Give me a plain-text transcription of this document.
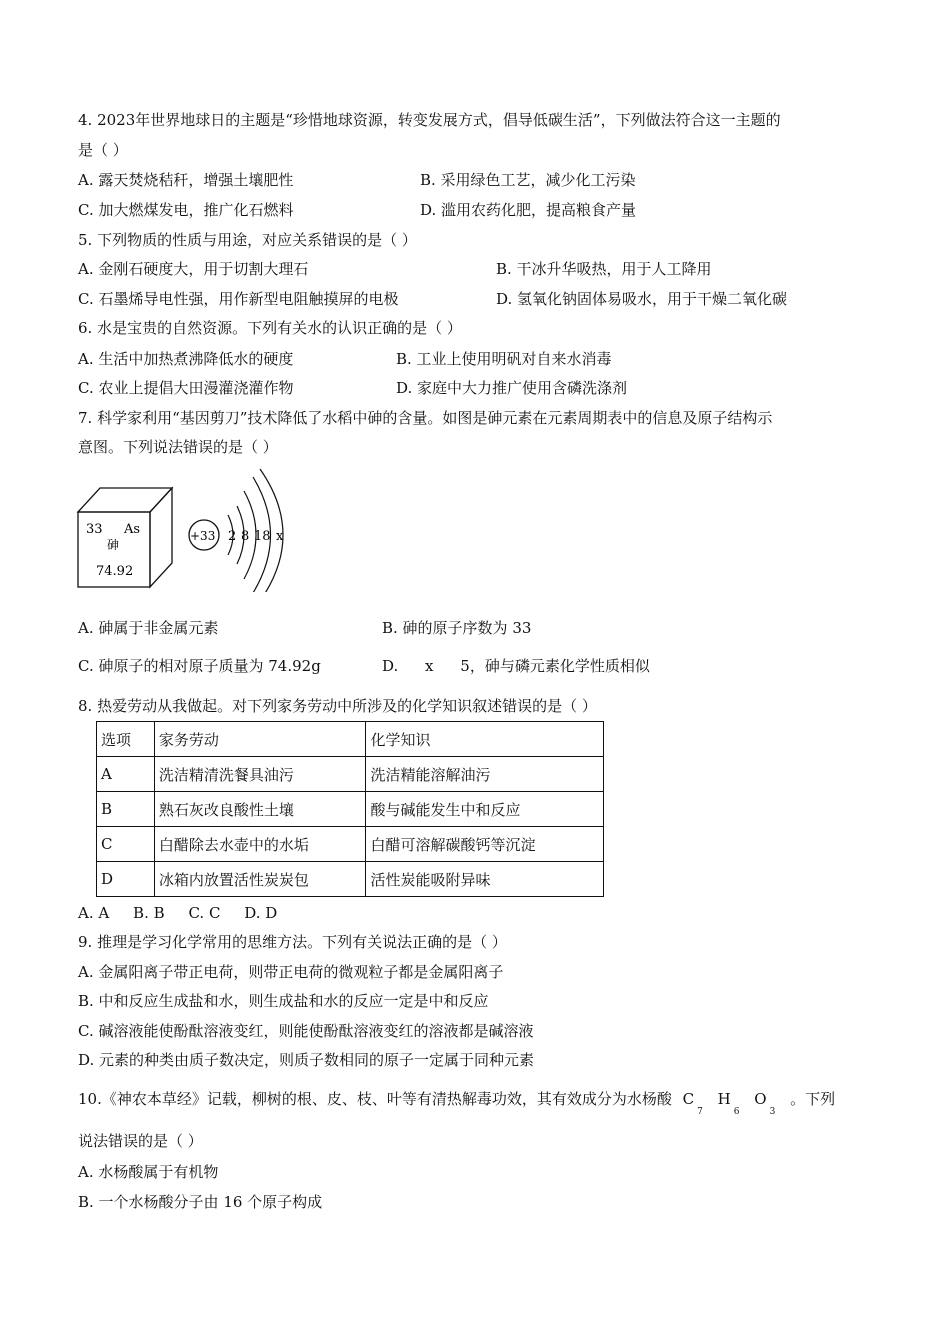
4. 2023年世界地球日的主题是“珍惜地球资源，转变发展方式，倡导低碳生活”，下列做法符合这一主题的
是（ ）
A. 露天焚烧秸秆，增强土壤肥性	B. 采用绿色工艺，减少化工污染
C. 加大燃煤发电，推广化石燃料	D. 滥用农药化肥，提高粮食产量
5. 下列物质的性质与用途，对应关系错误的是（ ）
A. 金刚石硬度大，用于切割大理石	B. 干冰升华吸热，用于人工降用
C. 石墨烯导电性强，用作新型电阻触摸屏的电极	D. 氢氧化钠固体易吸水，用于干燥二氧化碳
6. 水是宝贵的自然资源。下列有关水的认识正确的是（ ）
A. 生活中加热煮沸降低水的硬度	B. 工业上使用明矾对自来水消毒
C. 农业上提倡大田漫灌浇灌作物	D. 家庭中大力推广使用含磷洗涤剂
7. 科学家利用“基因剪刀”技术降低了水稻中砷的含量。如图是砷元素在元素周期表中的信息及原子结构示
意图。下列说法错误的是（ ）
33 As
砷
74.92
+33 2 8 18 x
A. 砷属于非金属元素	B. 砷的原子序数为 33
C. 砷原子的相对原子质量为 74.92g	D. x 5，砷与磷元素化学性质相似
8. 热爱劳动从我做起。对下列家务劳动中所涉及的化学知识叙述错误的是（ ）
选项	家务劳动	化学知识
A	洗洁精清洗餐具油污	洗洁精能溶解油污
B	熟石灰改良酸性土壤	酸与碱能发生中和反应
C	白醋除去水壶中的水垢	白醋可溶解碳酸钙等沉淀
D	冰箱内放置活性炭炭包	活性炭能吸附异味
A. A     B. B     C. C     D. D
9. 推理是学习化学常用的思维方法。下列有关说法正确的是（ ）
A. 金属阳离子带正电荷，则带正电荷的微观粒子都是金属阳离子
B. 中和反应生成盐和水，则生成盐和水的反应一定是中和反应
C. 碱溶液能使酚酞溶液变红，则能使酚酞溶液变红的溶液都是碱溶液
D. 元素的种类由质子数决定，则质子数相同的原子一定属于同种元素
10.《神农本草经》记载，柳树的根、皮、枝、叶等有清热解毒功效，其有效成分为水杨酸 $C_7$ $H_6$ $O_3$ 。下列
说法错误的是（ ）
A. 水杨酸属于有机物
B. 一个水杨酸分子由 16 个原子构成
